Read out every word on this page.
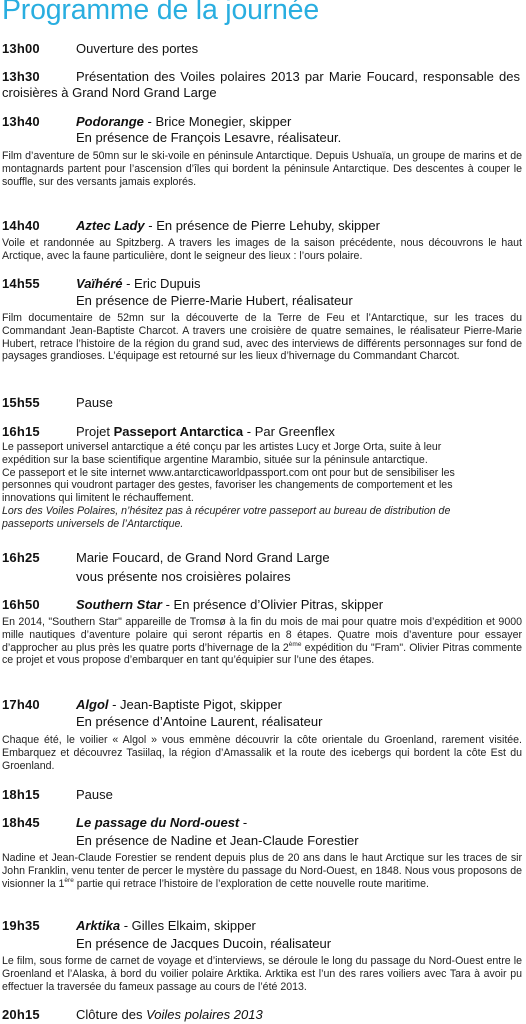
Programme de la journée
13h00	Ouverture des portes
13h30	Présentation des Voiles polaires 2013 par Marie Foucard, responsable des croisières à Grand Nord Grand Large
13h40	Podorange - Brice Monegier, skipper
En présence de François Lesavre, réalisateur.
Film d’aventure de 50mn sur le ski-voile en péninsule Antarctique. Depuis Ushuaïa, un groupe de marins et de montagnards partent pour l’ascension d’îles qui bordent la péninsule Antarctique. Des descentes à couper le souffle, sur des versants jamais explorés.
14h40	Aztec Lady - En présence de Pierre Lehuby, skipper
Voile et randonnée au Spitzberg. A travers les images de la saison précédente, nous découvrons le haut Arctique, avec la faune particulière, dont le seigneur des lieux : l’ours polaire.
14h55	Vaïhéré - Eric Dupuis
En présence de Pierre-Marie Hubert, réalisateur
Film documentaire de 52mn sur la découverte de la Terre de Feu et l’Antarctique, sur les traces du Commandant Jean-Baptiste Charcot. A travers une croisière de quatre semaines, le réalisateur Pierre-Marie Hubert, retrace l’histoire de la région du grand sud, avec des interviews de différents personnages sur fond de paysages grandioses. L’équipage est retourné sur les lieux d’hivernage du Commandant Charcot.
15h55	Pause
16h15	Projet Passeport Antarctica - Par Greenflex
Le passeport universel antarctique a été conçu par les artistes Lucy et Jorge Orta, suite à leur
expédition sur la base scientifique argentine Marambio, située sur la péninsule antarctique.
Ce passeport et le site internet www.antarcticaworldpassport.com ont pour but de sensibiliser les
personnes qui voudront partager des gestes, favoriser les changements de comportement et les
innovations qui limitent le réchauffement.
Lors des Voiles Polaires, n’hésitez pas à récupérer votre passeport au bureau de distribution de
passeports universels de l’Antarctique.
16h25	Marie Foucard, de Grand Nord Grand Large
vous présente nos croisières polaires
16h50	Southern Star - En présence d’Olivier Pitras, skipper
En 2014, "Southern Star" appareille de Tromsø à la fin du mois de mai pour quatre mois d’expédition et 9000 mille nautiques d’aventure polaire qui seront répartis en 8 étapes. Quatre mois d’aventure pour essayer d’approcher au plus près les quatre ports d’hivernage de la 2ème expédition du "Fram". Olivier Pitras commente ce projet et vous propose d’embarquer en tant qu’équipier sur l’une des étapes.
17h40	Algol - Jean-Baptiste Pigot, skipper
En présence d’Antoine Laurent, réalisateur
Chaque été, le voilier « Algol » vous emmène découvrir la côte orientale du Groenland, rarement visitée. Embarquez et découvrez Tasiilaq, la région d’Amassalik et la route des icebergs qui bordent la côte Est du Groenland.
18h15	Pause
18h45	Le passage du Nord-ouest -
En présence de Nadine et Jean-Claude Forestier
Nadine et Jean-Claude Forestier se rendent depuis plus de 20 ans dans le haut Arctique sur les traces de sir John Franklin, venu tenter de percer le mystère du passage du Nord-Ouest, en 1848. Nous vous proposons de visionner la 1ère partie qui retrace l’histoire de l’exploration de cette nouvelle route maritime.
19h35	Arktika - Gilles Elkaim, skipper
En présence de Jacques Ducoin, réalisateur
Le film, sous forme de carnet de voyage et d’interviews, se déroule le long du passage du Nord-Ouest entre le Groenland et l’Alaska, à bord du voilier polaire Arktika. Arktika est l’un des rares voiliers avec Tara à avoir pu effectuer la traversée du fameux passage au cours de l’été 2013.
20h15	Clôture des Voiles polaires 2013
